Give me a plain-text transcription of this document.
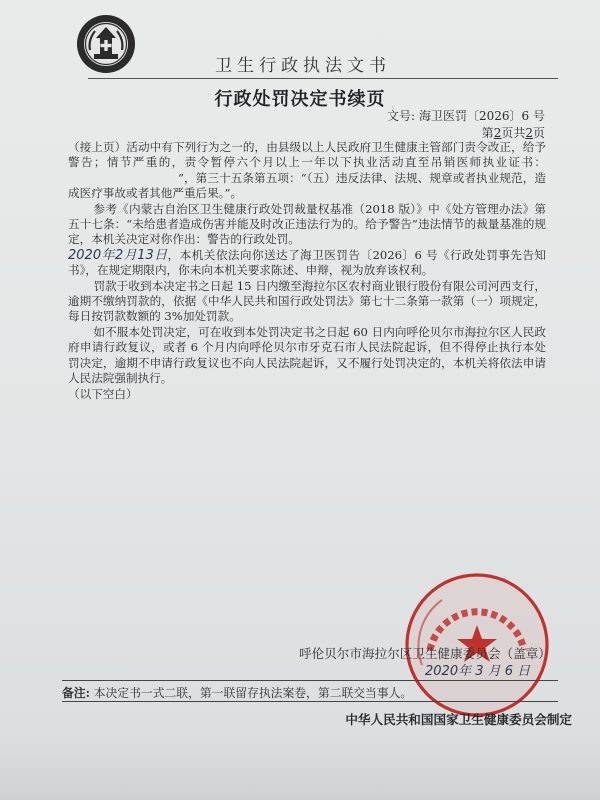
卫生行政执法文书
行政处罚决定书续页
文号: 海卫医罚〔2026〕6 号
第2页共2页

（接上页）活动中有下列行为之一的，由县级以上人民政府卫生健康主管部门责令改正，给予警告；情节严重的，责令暂停六个月以上一年以下执业活动直至吊销医师执业证书：”，第三十五条第五项：“（五）违反法律、法规、规章或者执业规范，造成医疗事故或者其他严重后果。”。

参考《内蒙古自治区卫生健康行政处罚裁量权基准（2018 版）》中《处方管理办法》第五十七条：“未给患者造成伤害并能及时改正违法行为的。给予警告”违法情节的裁量基准的规定，本机关决定对你作出：警告的行政处罚。

2020年2月13日，本机关依法向你送达了海卫医罚告〔2026〕6 号《行政处罚事先告知书》，在规定期限内，你未向本机关要求陈述、申辩，视为放弃该权利。

罚款于收到本决定书之日起 15 日内缴至海拉尔区农村商业银行股份有限公司河西支行，逾期不缴纳罚款的，依据《中华人民共和国行政处罚法》第七十二条第一款第（一）项规定，每日按罚款数额的 3%加处罚款。

如不服本处罚决定，可在收到本处罚决定书之日起 60 日内向呼伦贝尔市海拉尔区人民政府申请行政复议，或者 6 个月内向呼伦贝尔市牙克石市人民法院起诉，但不得停止执行本处罚决定，逾期不申请行政复议也不向人民法院起诉，又不履行处罚决定的，本机关将依法申请人民法院强制执行。

（以下空白）

呼伦贝尔市海拉尔区卫生健康委员会（盖章）
2020年 3 月 6 日
备注: 本决定书一式二联，第一联留存执法案卷，第二联交当事人。
中华人民共和国国家卫生健康委员会制定
